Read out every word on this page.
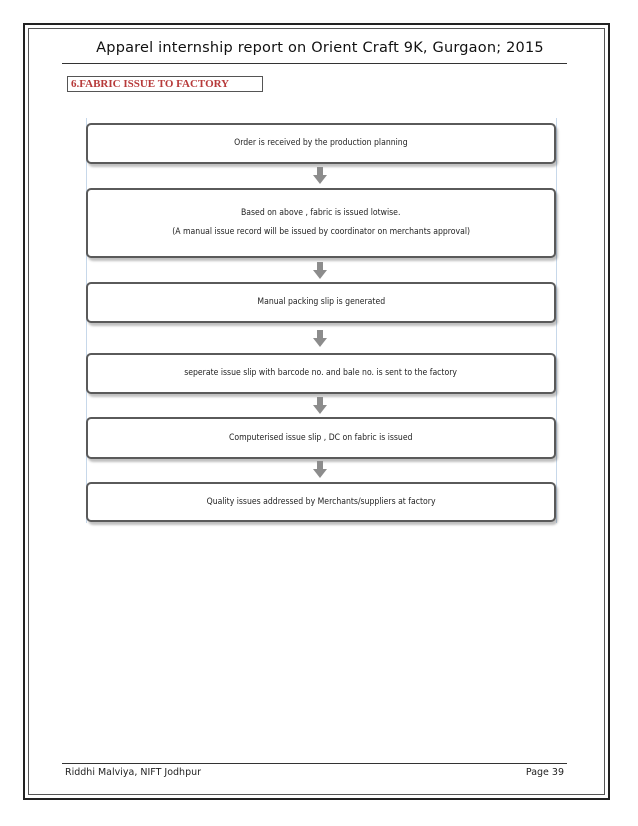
Apparel internship report on Orient Craft 9K, Gurgaon; 2015
6.FABRIC ISSUE TO FACTORY
Order is received by the production planning
Based on above , fabric is issued lotwise.
(A manual issue record will be issued by coordinator on merchants approval)
Manual packing slip is generated
seperate issue slip with barcode no. and bale no. is sent to the factory
Computerised issue slip , DC on fabric is issued
Quality issues addressed by Merchants/suppliers at factory
Riddhi Malviya, NIFT Jodhpur	Page 39
